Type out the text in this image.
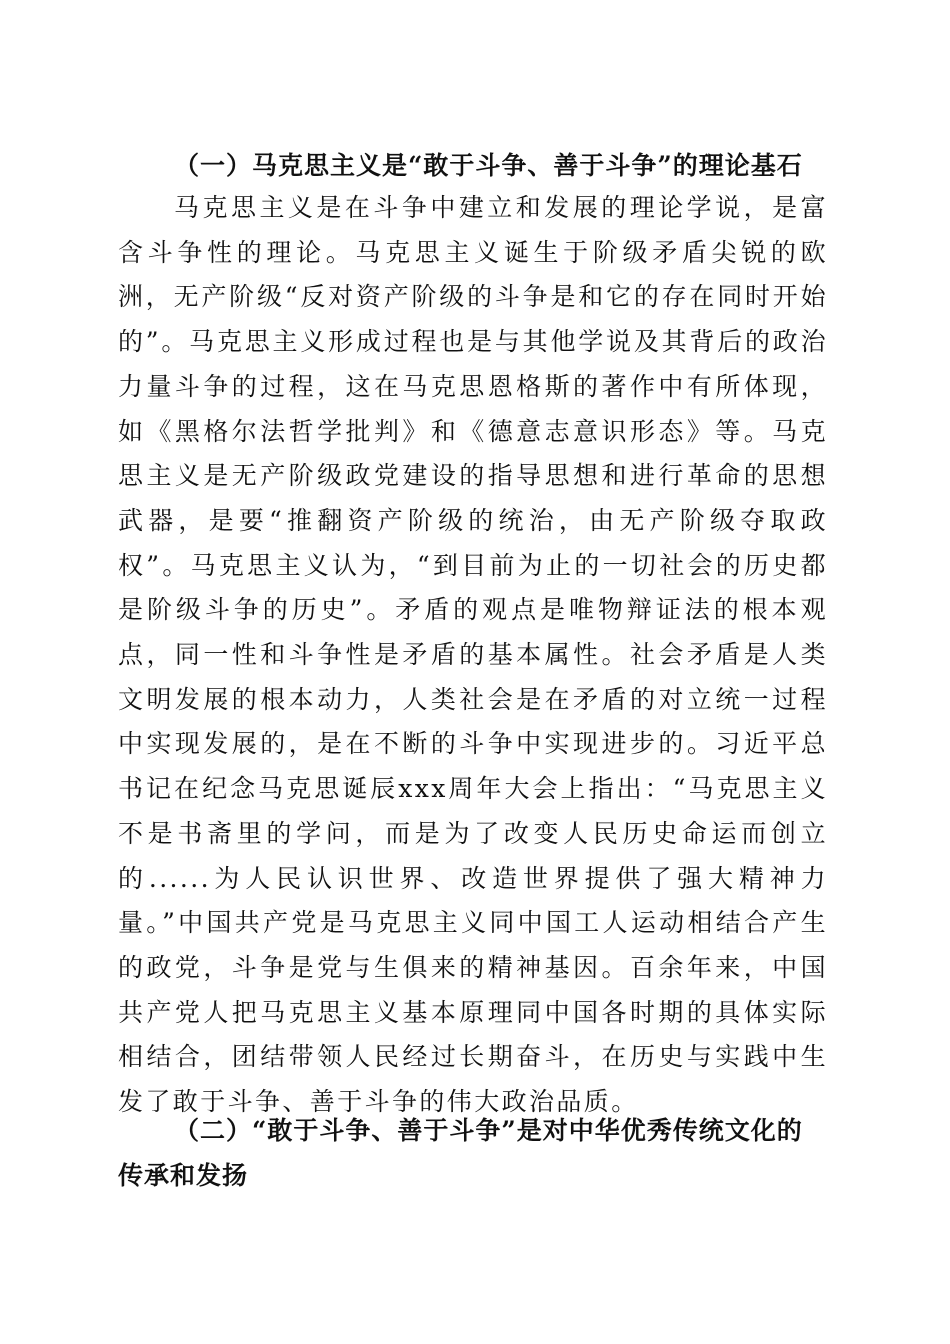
（一）马克思主义是“敢于斗争、善于斗争”的理论基石

马克思主义是在斗争中建立和发展的理论学说，是富含斗争性的理论。马克思主义诞生于阶级矛盾尖锐的欧洲，无产阶级“反对资产阶级的斗争是和它的存在同时开始的”。马克思主义形成过程也是与其他学说及其背后的政治力量斗争的过程，这在马克思恩格斯的著作中有所体现，如《黑格尔法哲学批判》和《德意志意识形态》等。马克思主义是无产阶级政党建设的指导思想和进行革命的思想武器，是要“推翻资产阶级的统治，由无产阶级夺取政权”。马克思主义认为，“到目前为止的一切社会的历史都是阶级斗争的历史”。矛盾的观点是唯物辩证法的根本观点，同一性和斗争性是矛盾的基本属性。社会矛盾是人类文明发展的根本动力，人类社会是在矛盾的对立统一过程中实现发展的，是在不断的斗争中实现进步的。习近平总书记在纪念马克思诞辰xxx周年大会上指出：“马克思主义不是书斋里的学问，而是为了改变人民历史命运而创立的......为人民认识世界、改造世界提供了强大精神力量。”中国共产党是马克思主义同中国工人运动相结合产生的政党，斗争是党与生俱来的精神基因。百余年来，中国共产党人把马克思主义基本原理同中国各时期的具体实际相结合，团结带领人民经过长期奋斗，在历史与实践中生发了敢于斗争、善于斗争的伟大政治品质。

（二）“敢于斗争、善于斗争”是对中华优秀传统文化的传承和发扬
